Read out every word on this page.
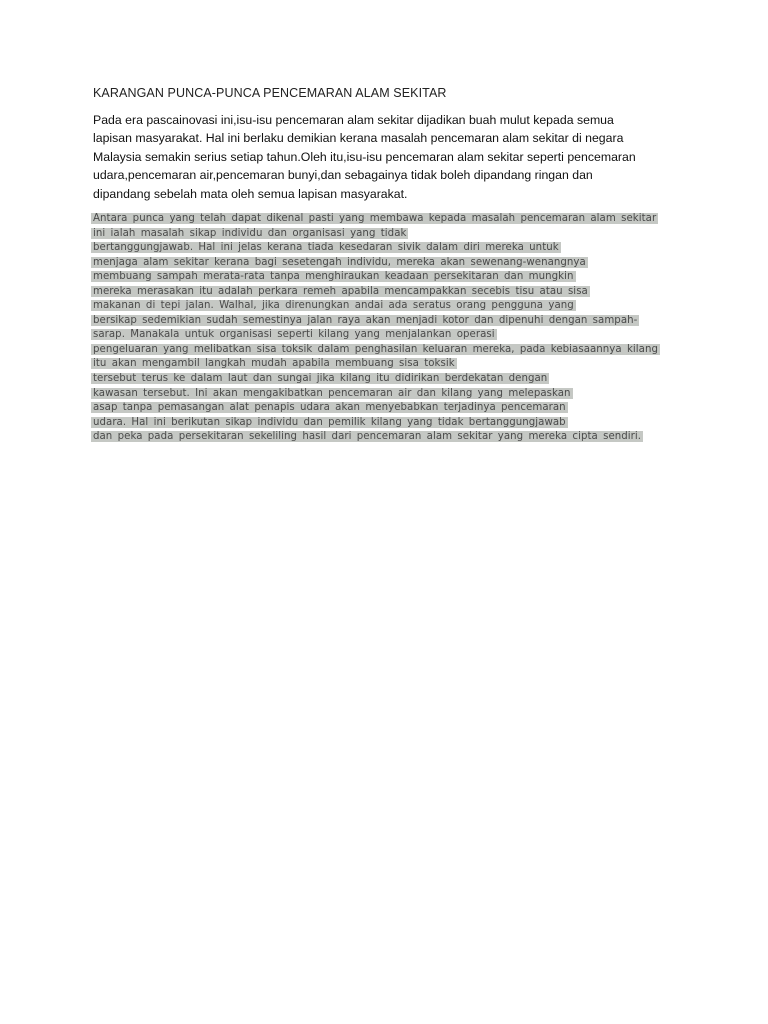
KARANGAN PUNCA-PUNCA PENCEMARAN ALAM SEKITAR
Pada era pascainovasi ini,isu-isu pencemaran alam sekitar dijadikan buah mulut kepada semua
lapisan masyarakat. Hal ini berlaku demikian kerana masalah pencemaran alam sekitar di negara
Malaysia semakin serius setiap tahun.Oleh itu,isu-isu pencemaran alam sekitar seperti pencemaran
udara,pencemaran air,pencemaran bunyi,dan sebagainya tidak boleh dipandang ringan dan
dipandang sebelah mata oleh semua lapisan masyarakat.
Antara punca yang telah dapat dikenal pasti yang membawa kepada masalah pencemaran alam sekitar
ini ialah masalah sikap individu dan organisasi yang tidak
bertanggungjawab. Hal ini jelas kerana tiada kesedaran sivik dalam diri mereka untuk
menjaga alam sekitar kerana bagi sesetengah individu, mereka akan sewenang-wenangnya
membuang sampah merata-rata tanpa menghiraukan keadaan persekitaran dan mungkin
mereka merasakan itu adalah perkara remeh apabila mencampakkan secebis tisu atau sisa
makanan di tepi jalan. Walhal, jika direnungkan andai ada seratus orang pengguna yang
bersikap sedemikian sudah semestinya jalan raya akan menjadi kotor dan dipenuhi dengan sampah-
sarap. Manakala untuk organisasi seperti kilang yang menjalankan operasi
pengeluaran yang melibatkan sisa toksik dalam penghasilan keluaran mereka, pada kebiasaannya kilang
itu akan mengambil langkah mudah apabila membuang sisa toksik
tersebut terus ke dalam laut dan sungai jika kilang itu didirikan berdekatan dengan
kawasan tersebut. Ini akan mengakibatkan pencemaran air dan kilang yang melepaskan
asap tanpa pemasangan alat penapis udara akan menyebabkan terjadinya pencemaran
udara. Hal ini berikutan sikap individu dan pemilik kilang yang tidak bertanggungjawab
dan peka pada persekitaran sekeliling hasil dari pencemaran alam sekitar yang mereka cipta sendiri.
